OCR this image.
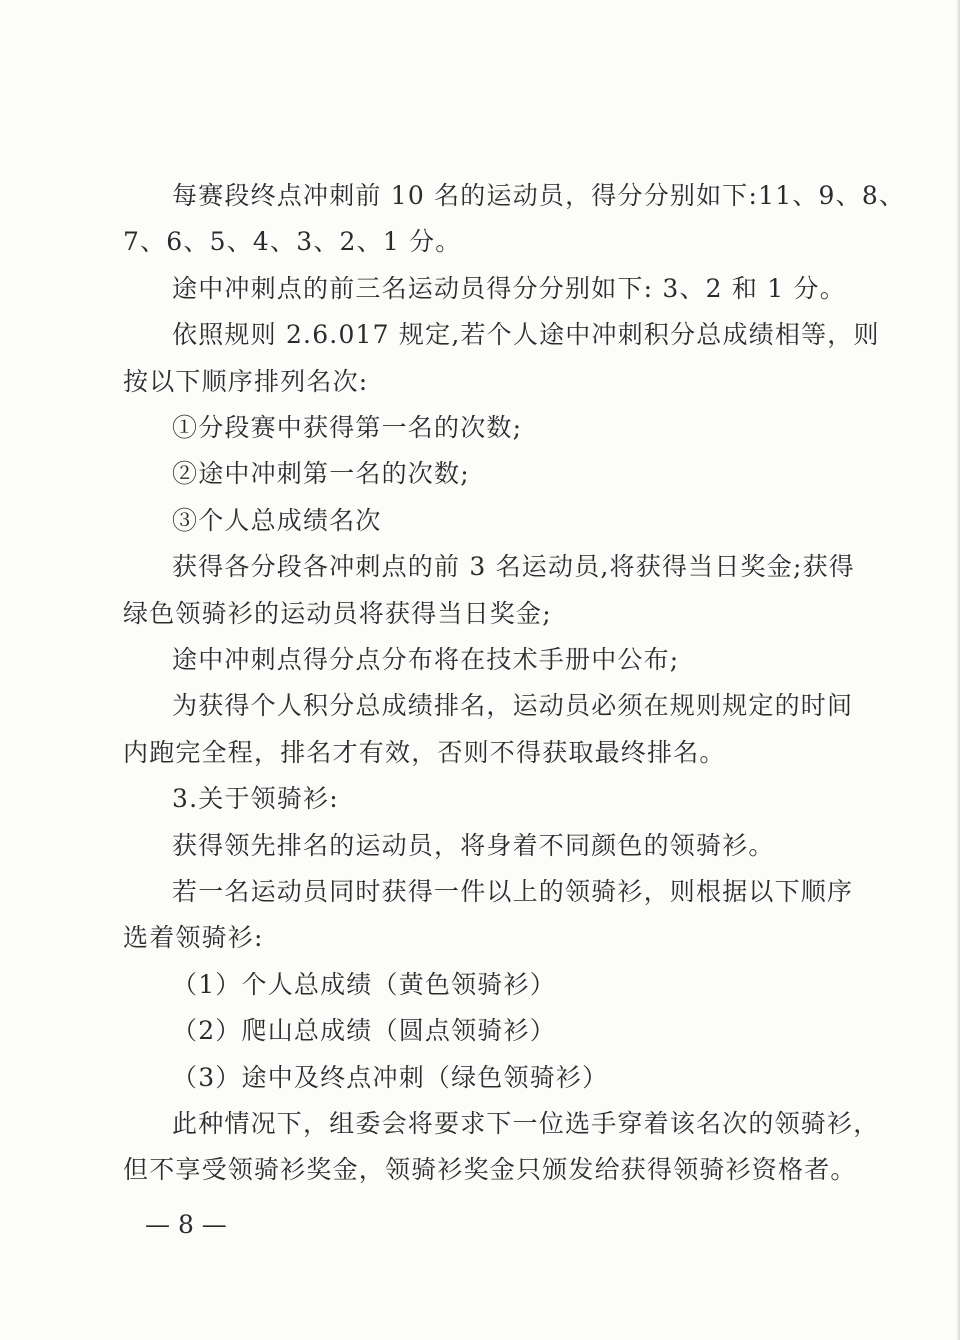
每赛段终点冲刺前 10 名的运动员，得分分别如下:11、9、8、
7、6、5、4、3、2、1 分。
途中冲刺点的前三名运动员得分分别如下: 3、2 和 1 分。
依照规则 2.6.017 规定,若个人途中冲刺积分总成绩相等，则
按以下顺序排列名次:
①分段赛中获得第一名的次数;
②途中冲刺第一名的次数;
③个人总成绩名次
获得各分段各冲刺点的前 3 名运动员,将获得当日奖金;获得
绿色领骑衫的运动员将获得当日奖金;
途中冲刺点得分点分布将在技术手册中公布;
为获得个人积分总成绩排名，运动员必须在规则规定的时间
内跑完全程，排名才有效，否则不得获取最终排名。
3.关于领骑衫:
获得领先排名的运动员，将身着不同颜色的领骑衫。
若一名运动员同时获得一件以上的领骑衫，则根据以下顺序
选着领骑衫:
（1）个人总成绩（黄色领骑衫）
（2）爬山总成绩（圆点领骑衫）
（3）途中及终点冲刺（绿色领骑衫）
此种情况下，组委会将要求下一位选手穿着该名次的领骑衫，
但不享受领骑衫奖金，领骑衫奖金只颁发给获得领骑衫资格者。
— 8 —
